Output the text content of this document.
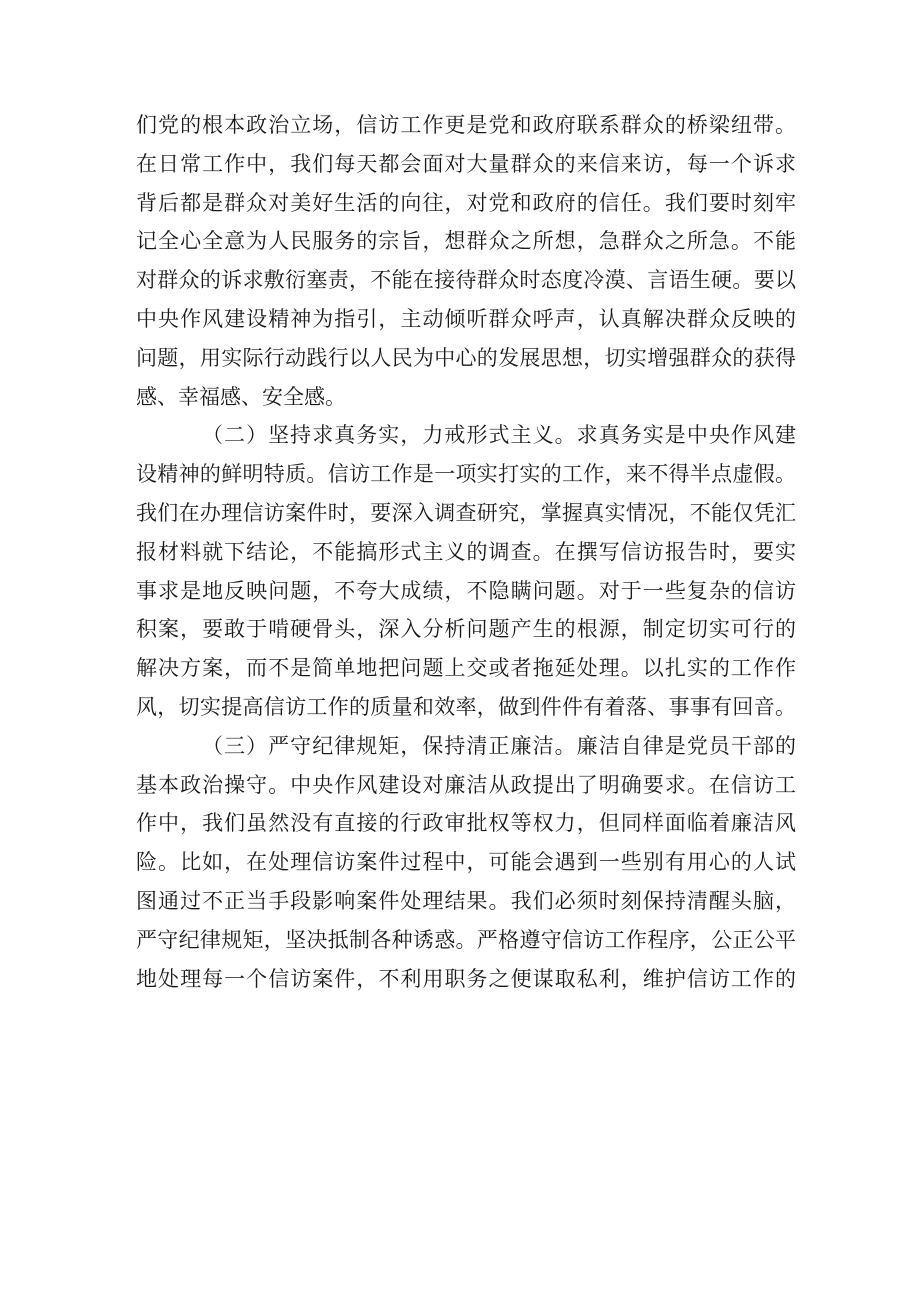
们党的根本政治立场，信访工作更是党和政府联系群众的桥梁纽带。
在日常工作中，我们每天都会面对大量群众的来信来访，每一个诉求
背后都是群众对美好生活的向往，对党和政府的信任。我们要时刻牢
记全心全意为人民服务的宗旨，想群众之所想，急群众之所急。不能
对群众的诉求敷衍塞责，不能在接待群众时态度冷漠、言语生硬。要以
中央作风建设精神为指引，主动倾听群众呼声，认真解决群众反映的
问题，用实际行动践行以人民为中心的发展思想，切实增强群众的获得
感、幸福感、安全感。
（二）坚持求真务实，力戒形式主义。求真务实是中央作风建
设精神的鲜明特质。信访工作是一项实打实的工作，来不得半点虚假。
我们在办理信访案件时，要深入调查研究，掌握真实情况，不能仅凭汇
报材料就下结论，不能搞形式主义的调查。在撰写信访报告时，要实
事求是地反映问题，不夸大成绩，不隐瞒问题。对于一些复杂的信访
积案，要敢于啃硬骨头，深入分析问题产生的根源，制定切实可行的
解决方案，而不是简单地把问题上交或者拖延处理。以扎实的工作作
风，切实提高信访工作的质量和效率，做到件件有着落、事事有回音。
（三）严守纪律规矩，保持清正廉洁。廉洁自律是党员干部的
基本政治操守。中央作风建设对廉洁从政提出了明确要求。在信访工
作中，我们虽然没有直接的行政审批权等权力，但同样面临着廉洁风
险。比如，在处理信访案件过程中，可能会遇到一些别有用心的人试
图通过不正当手段影响案件处理结果。我们必须时刻保持清醒头脑，
严守纪律规矩，坚决抵制各种诱惑。严格遵守信访工作程序，公正公平
地处理每一个信访案件，不利用职务之便谋取私利，维护信访工作的
